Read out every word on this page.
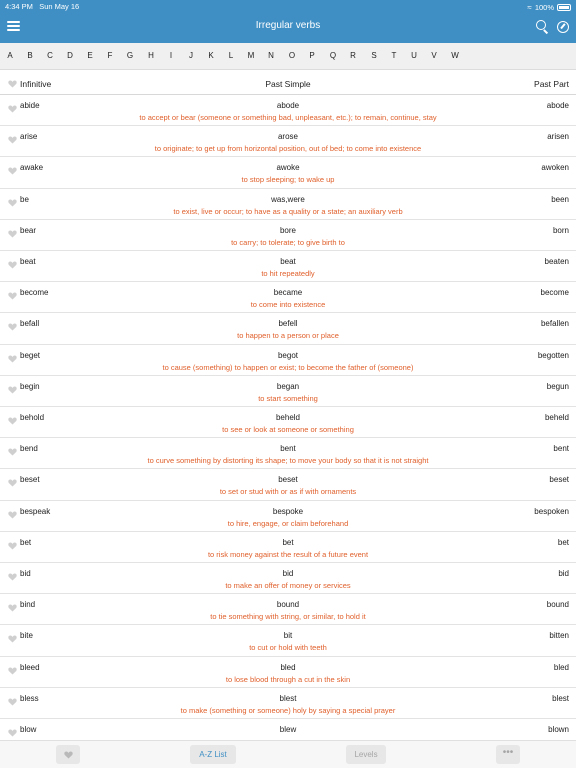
4:34 PM Sun May 16	≈ 100%
Irregular verbs
A B C D E	F	G H	I	J	K	L	M N O P Q R S	T	U V W
Infinitive	Past Simple	Past Part
abide	abode	abode
to accept or bear (someone or something bad, unpleasant, etc.); to remain, continue, stay
arise	arose	arisen
to originate; to get up from horizontal position, out of bed; to come into existence
awake	awoke	awoken
to stop sleeping; to wake up
be	was,were	been
to exist, live or occur; to have as a quality or a state; an auxiliary verb
bear	bore	born
to carry; to tolerate; to give birth to
beat	beat	beaten
to hit repeatedly
become	became	become
to come into existence
befall	befell	befallen
to happen to a person or place
beget	begot	begotten
to cause (something) to happen or exist; to become the father of (someone)
begin	began	begun
to start something
behold	beheld	beheld
to see or look at someone or something
bend	bent	bent
to curve something by distorting its shape; to move your body so that it is not straight
beset	beset	beset
to set or stud with or as if with ornaments
bespeak	bespoke	bespoken
to hire, engage, or claim beforehand
bet	bet	bet
to risk money against the result of a future event
bid	bid	bid
to make an offer of money or services
bind	bound	bound
to tie something with string, or similar, to hold it
bite	bit	bitten
to cut or hold with teeth
bleed	bled	bled
to lose blood through a cut in the skin
bless	blest	blest
to make (something or someone) holy by saying a special prayer
blow	blew	blown
A-Z List	Levels	•••
